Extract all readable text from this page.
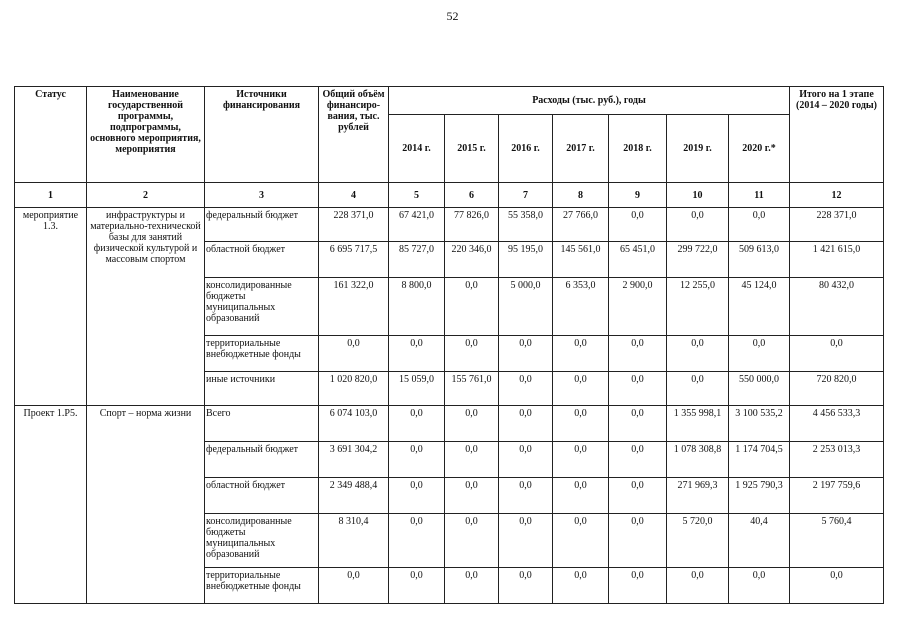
52
Статус	Наименование государственной программы, подпрограммы, основного мероприятия, мероприятия	Источники финансирования	Общий объём финансиро-вания, тыс. рублей	Расходы (тыс. руб.), годы							Итого на 1 этапе (2014 – 2020 годы)
				2014 г.	2015 г.	2016 г.	2017 г.	2018 г.	2019 г.	2020 г.*	
1	2	3	4	5	6	7	8	9	10	11	12
мероприятие 1.3.	инфраструктуры и материально-технической базы для занятий физической культурой и массовым спортом	федеральный бюджет	228 371,0	67 421,0	77 826,0	55 358,0	27 766,0	0,0	0,0	0,0	228 371,0
		областной бюджет	6 695 717,5	85 727,0	220 346,0	95 195,0	145 561,0	65 451,0	299 722,0	509 613,0	1 421 615,0
		консолидированные бюджеты муниципальных образований	161 322,0	8 800,0	0,0	5 000,0	6 353,0	2 900,0	12 255,0	45 124,0	80 432,0
		территориальные внебюджетные фонды	0,0	0,0	0,0	0,0	0,0	0,0	0,0	0,0	0,0
		иные источники	1 020 820,0	15 059,0	155 761,0	0,0	0,0	0,0	0,0	550 000,0	720 820,0
Проект 1.Р5.	Спорт – норма жизни	Всего	6 074 103,0	0,0	0,0	0,0	0,0	0,0	1 355 998,1	3 100 535,2	4 456 533,3
		федеральный бюджет	3 691 304,2	0,0	0,0	0,0	0,0	0,0	1 078 308,8	1 174 704,5	2 253 013,3
		областной бюджет	2 349 488,4	0,0	0,0	0,0	0,0	0,0	271 969,3	1 925 790,3	2 197 759,6
		консолидированные бюджеты муниципальных образований	8 310,4	0,0	0,0	0,0	0,0	0,0	5 720,0	40,4	5 760,4
		территориальные внебюджетные фонды	0,0	0,0	0,0	0,0	0,0	0,0	0,0	0,0	0,0
